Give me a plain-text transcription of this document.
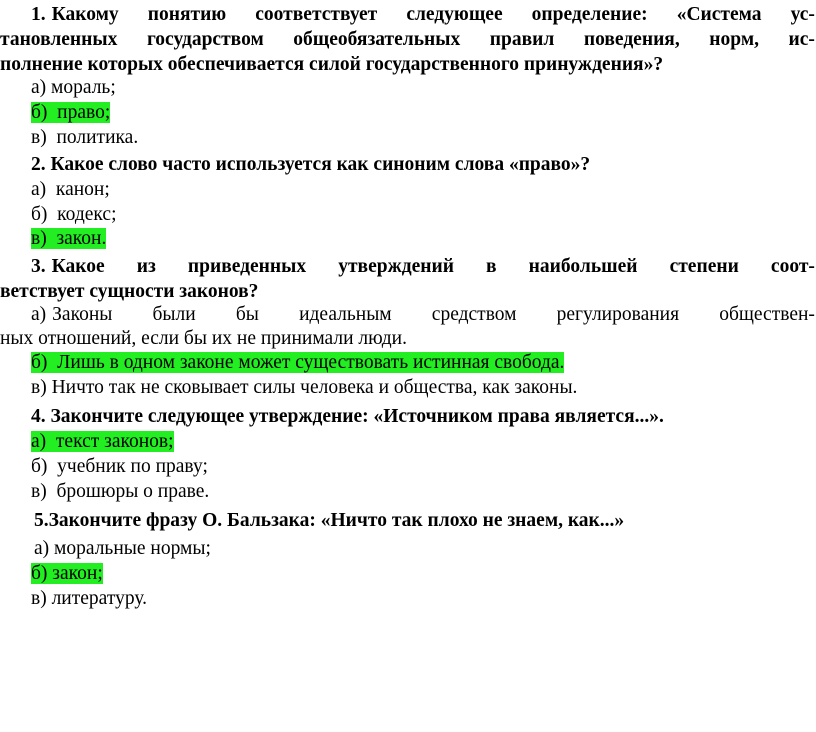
1. Какому понятию соответствует следующее определение: «Система ус-
тановленных государством общеобязательных правил поведения, норм, ис-
полнение которых обеспечивается силой государственного принуждения»?
а) мораль;
б) право;
в) политика.
2. Какое слово часто используется как синоним слова «право»?
а) канон;
б) кодекс;
в) закон.
3. Какое из приведенных утверждений в наибольшей степени соот-
ветствует сущности законов?
а) Законы были бы идеальным средством регулирования обществен-
ных отношений, если бы их не принимали люди.
б) Лишь в одном законе может существовать истинная свобода.
в) Ничто так не сковывает силы человека и общества, как законы.
4. Закончите следующее утверждение: «Источником права является...».
а) текст законов;
б) учебник по праву;
в) брошюры о праве.
5.Закончите фразу О. Бальзака: «Ничто так плохо не знаем, как...»
а) моральные нормы;
б) закон;
в) литературу.
